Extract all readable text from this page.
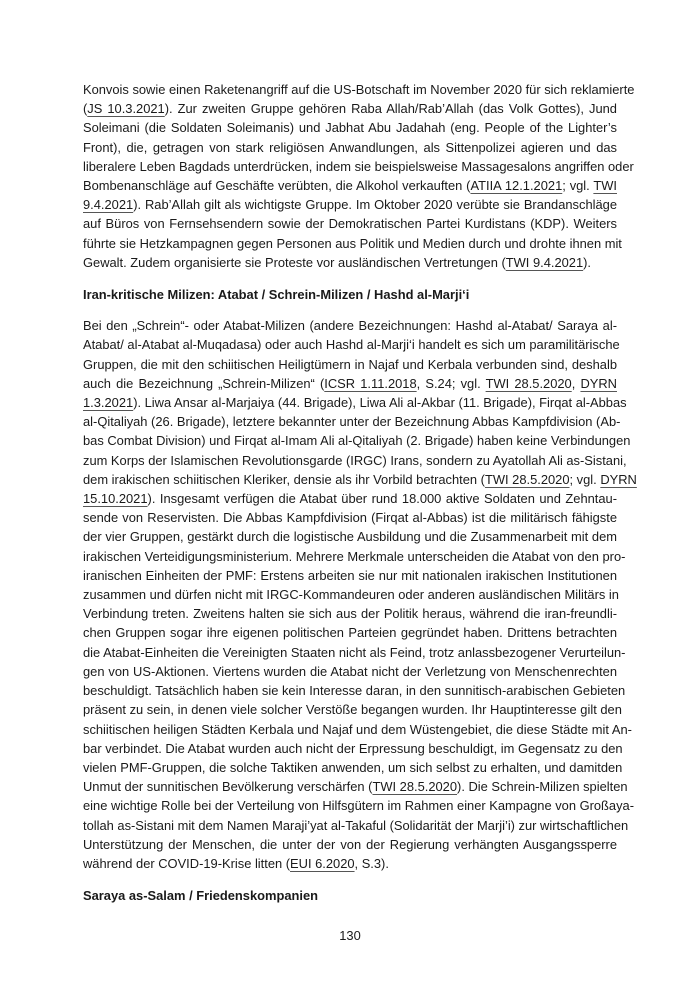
Konvois sowie einen Raketenangriff auf die US-Botschaft im November 2020 für sich reklamierte
(JS 10.3.2021). Zur zweiten Gruppe gehören Raba Allah/Rab’Allah (das Volk Gottes), Jund
Soleimani (die Soldaten Soleimanis) und Jabhat Abu Jadahah (eng. People of the Lighter’s
Front), die, getragen von stark religiösen Anwandlungen, als Sittenpolizei agieren und das
liberalere Leben Bagdads unterdrücken, indem sie beispielsweise Massagesalons angriffen oder
Bombenanschläge auf Geschäfte verübten, die Alkohol verkauften (ATIIA 12.1.2021; vgl. TWI
9.4.2021). Rab’Allah gilt als wichtigste Gruppe. Im Oktober 2020 verübte sie Brandanschläge
auf Büros von Fernsehsendern sowie der Demokratischen Partei Kurdistans (KDP). Weiters
führte sie Hetzkampagnen gegen Personen aus Politik und Medien durch und drohte ihnen mit
Gewalt. Zudem organisierte sie Proteste vor ausländischen Vertretungen (TWI 9.4.2021).
Iran-kritische Milizen: Atabat / Schrein-Milizen / Hashd al-Marji‘i
Bei den „Schrein“- oder Atabat-Milizen (andere Bezeichnungen: Hashd al-Atabat/ Saraya al-
Atabat/ al-Atabat al-Muqadasa) oder auch Hashd al-Marji‘i handelt es sich um paramilitärische
Gruppen, die mit den schiitischen Heiligtümern in Najaf und Kerbala verbunden sind, deshalb
auch die Bezeichnung „Schrein-Milizen“ (ICSR 1.11.2018, S.24; vgl. TWI 28.5.2020, DYRN
1.3.2021). Liwa Ansar al-Marjaiya (44. Brigade), Liwa Ali al-Akbar (11. Brigade), Firqat al-Abbas
al-Qitaliyah (26. Brigade), letztere bekannter unter der Bezeichnung Abbas Kampfdivision (Ab-
bas Combat Division) und Firqat al-Imam Ali al-Qitaliyah (2. Brigade) haben keine Verbindungen
zum Korps der Islamischen Revolutionsgarde (IRGC) Irans, sondern zu Ayatollah Ali as-Sistani,
dem irakischen schiitischen Kleriker, densie als ihr Vorbild betrachten (TWI 28.5.2020; vgl. DYRN
15.10.2021). Insgesamt verfügen die Atabat über rund 18.000 aktive Soldaten und Zehntau-
sende von Reservisten. Die Abbas Kampfdivision (Firqat al-Abbas) ist die militärisch fähigste
der vier Gruppen, gestärkt durch die logistische Ausbildung und die Zusammenarbeit mit dem
irakischen Verteidigungsministerium. Mehrere Merkmale unterscheiden die Atabat von den pro-
iranischen Einheiten der PMF: Erstens arbeiten sie nur mit nationalen irakischen Institutionen
zusammen und dürfen nicht mit IRGC-Kommandeuren oder anderen ausländischen Militärs in
Verbindung treten. Zweitens halten sie sich aus der Politik heraus, während die iran-freundli-
chen Gruppen sogar ihre eigenen politischen Parteien gegründet haben. Drittens betrachten
die Atabat-Einheiten die Vereinigten Staaten nicht als Feind, trotz anlassbezogener Verurteilun-
gen von US-Aktionen. Viertens wurden die Atabat nicht der Verletzung von Menschenrechten
beschuldigt. Tatsächlich haben sie kein Interesse daran, in den sunnitisch-arabischen Gebieten
präsent zu sein, in denen viele solcher Verstöße begangen wurden. Ihr Hauptinteresse gilt den
schiitischen heiligen Städten Kerbala und Najaf und dem Wüstengebiet, die diese Städte mit An-
bar verbindet. Die Atabat wurden auch nicht der Erpressung beschuldigt, im Gegensatz zu den
vielen PMF-Gruppen, die solche Taktiken anwenden, um sich selbst zu erhalten, und damitden
Unmut der sunnitischen Bevölkerung verschärfen (TWI 28.5.2020). Die Schrein-Milizen spielten
eine wichtige Rolle bei der Verteilung von Hilfsgütern im Rahmen einer Kampagne von Großaya-
tollah as-Sistani mit dem Namen Maraji’yat al-Takaful (Solidarität der Marji’i) zur wirtschaftlichen
Unterstützung der Menschen, die unter der von der Regierung verhängten Ausgangssperre
während der COVID-19-Krise litten (EUI 6.2020, S.3).
Saraya as-Salam / Friedenskompanien
130
